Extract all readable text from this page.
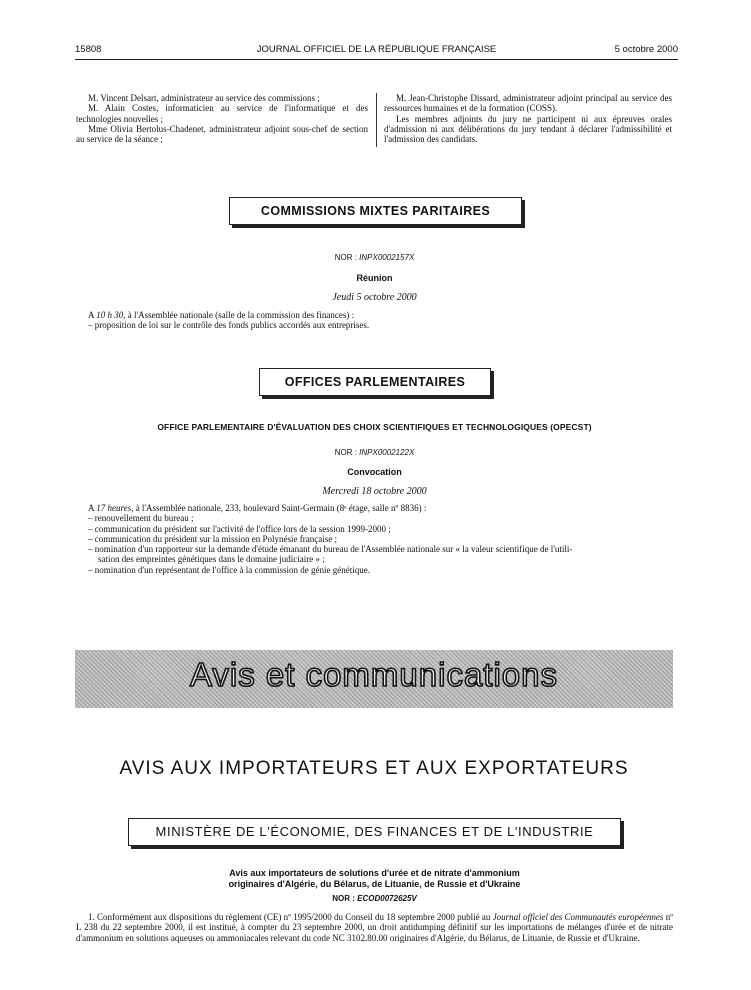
15808	JOURNAL OFFICIEL DE LA RÉPUBLIQUE FRANÇAISE	5 octobre 2000

M. Vincent Delsart, administrateur au service des commissions ;

M. Alain Costes, informaticien au service de l'informatique et des technologies nouvelles ;

Mme Olivia Bertolus-Chadenet, administrateur adjoint sous-chef de section au service de la séance ;

M. Jean-Christophe Dissard, administrateur adjoint principal au service des ressources humaines et de la formation (COSS).

Les membres adjoints du jury ne participent ni aux épreuves orales d'admission ni aux délibérations du jury tendant à déclarer l'admissibilité et l'admission des candidats.

COMMISSIONS MIXTES PARITAIRES
NOR : INPX0002157X
Réunion
Jeudi 5 octobre 2000

A 10 h 30, à l'Assemblée nationale (salle de la commission des finances) :

– proposition de loi sur le contrôle des fonds publics accordés aux entreprises.

OFFICES PARLEMENTAIRES
OFFICE PARLEMENTAIRE D'ÉVALUATION DES CHOIX SCIENTIFIQUES ET TECHNOLOGIQUES (OPECST)
NOR : INPX0002122X
Convocation
Mercredi 18 octobre 2000

A 17 heures, à l'Assemblée nationale, 233, boulevard Saint-Germain (8ᵉ étage, salle nº 8836) :

– renouvellement du bureau ;

– communication du président sur l'activité de l'office lors de la session 1999-2000 ;

– communication du président sur la mission en Polynésie française ;

– nomination d'un rapporteur sur la demande d'étude émanant du bureau de l'Assemblée nationale sur « la valeur scientifique de l'utili-

sation des empreintes génétiques dans le domaine judiciaire » ;

– nomination d'un représentant de l'office à la commission de génie génétique.

Avis et communications
AVIS AUX IMPORTATEURS ET AUX EXPORTATEURS
MINISTÈRE DE L'ÉCONOMIE, DES FINANCES ET DE L'INDUSTRIE
Avis aux importateurs de solutions d'urée et de nitrate d'ammonium
originaires d'Algérie, du Bélarus, de Lituanie, de Russie et d'Ukraine
NOR : ECOD0072625V
1. Conformément aux dispositions du règlement (CE) nº 1995/2000 du Conseil du 18 septembre 2000 publié au Journal officiel des Communautés européennes nº L 238 du 22 septembre 2000, il est institué, à compter du 23 septembre 2000, un droit antidumping définitif sur les importations de mélanges d'urée et de nitrate d'ammonium en solutions aqueuses ou ammoniacales relevant du code NC 3102.80.00 originaires d'Algérie, du Bélarus, de Lituanie, de Russie et d'Ukraine.
